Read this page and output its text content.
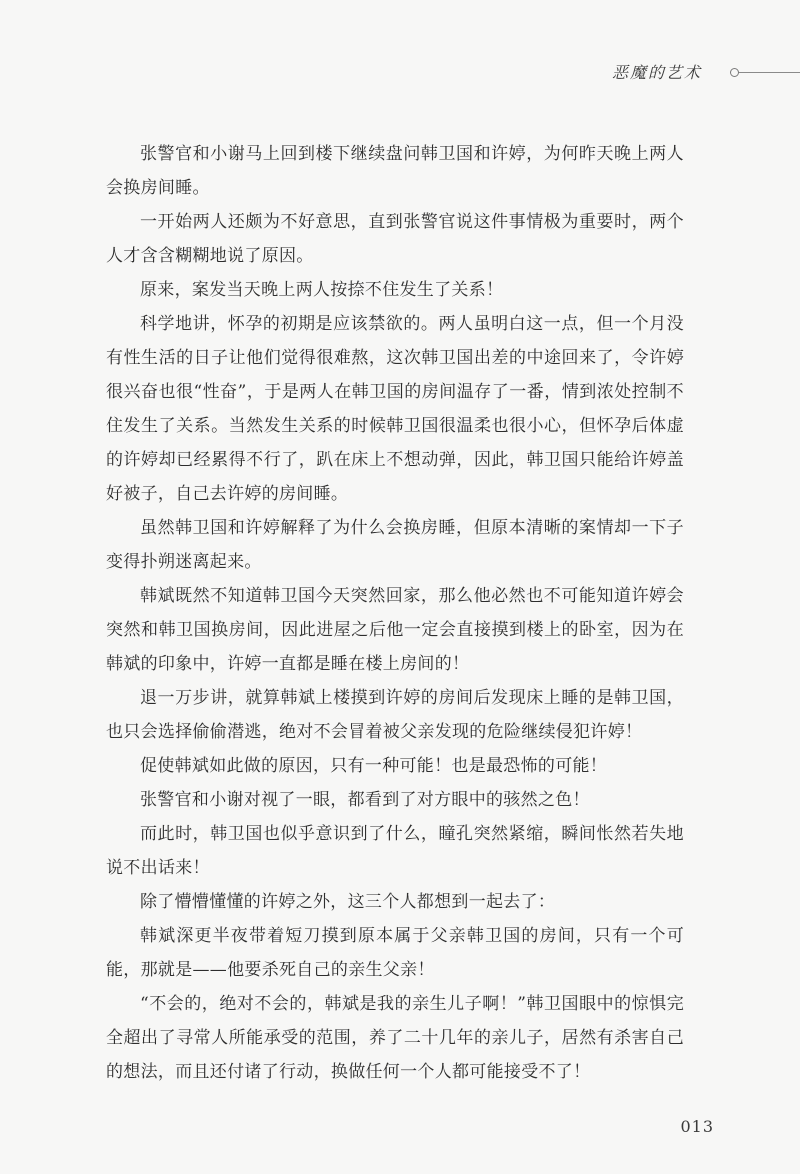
恶魔的艺术

张警官和小谢马上回到楼下继续盘问韩卫国和许婷，为何昨天晚上两人会换房间睡。

一开始两人还颇为不好意思，直到张警官说这件事情极为重要时，两个人才含含糊糊地说了原因。

原来，案发当天晚上两人按捺不住发生了关系！

科学地讲，怀孕的初期是应该禁欲的。两人虽明白这一点，但一个月没有性生活的日子让他们觉得很难熬，这次韩卫国出差的中途回来了，令许婷很兴奋也很“性奋”，于是两人在韩卫国的房间温存了一番，情到浓处控制不住发生了关系。当然发生关系的时候韩卫国很温柔也很小心，但怀孕后体虚的许婷却已经累得不行了，趴在床上不想动弹，因此，韩卫国只能给许婷盖好被子，自己去许婷的房间睡。

虽然韩卫国和许婷解释了为什么会换房睡，但原本清晰的案情却一下子变得扑朔迷离起来。

韩斌既然不知道韩卫国今天突然回家，那么他必然也不可能知道许婷会突然和韩卫国换房间，因此进屋之后他一定会直接摸到楼上的卧室，因为在韩斌的印象中，许婷一直都是睡在楼上房间的！

退一万步讲，就算韩斌上楼摸到许婷的房间后发现床上睡的是韩卫国，也只会选择偷偷潜逃，绝对不会冒着被父亲发现的危险继续侵犯许婷！

促使韩斌如此做的原因，只有一种可能！也是最恐怖的可能！

张警官和小谢对视了一眼，都看到了对方眼中的骇然之色！

而此时，韩卫国也似乎意识到了什么，瞳孔突然紧缩，瞬间怅然若失地说不出话来！

除了懵懵懂懂的许婷之外，这三个人都想到一起去了：

韩斌深更半夜带着短刀摸到原本属于父亲韩卫国的房间，只有一个可能，那就是——他要杀死自己的亲生父亲！

“不会的，绝对不会的，韩斌是我的亲生儿子啊！”韩卫国眼中的惊惧完全超出了寻常人所能承受的范围，养了二十几年的亲儿子，居然有杀害自己的想法，而且还付诸了行动，换做任何一个人都可能接受不了！

013
